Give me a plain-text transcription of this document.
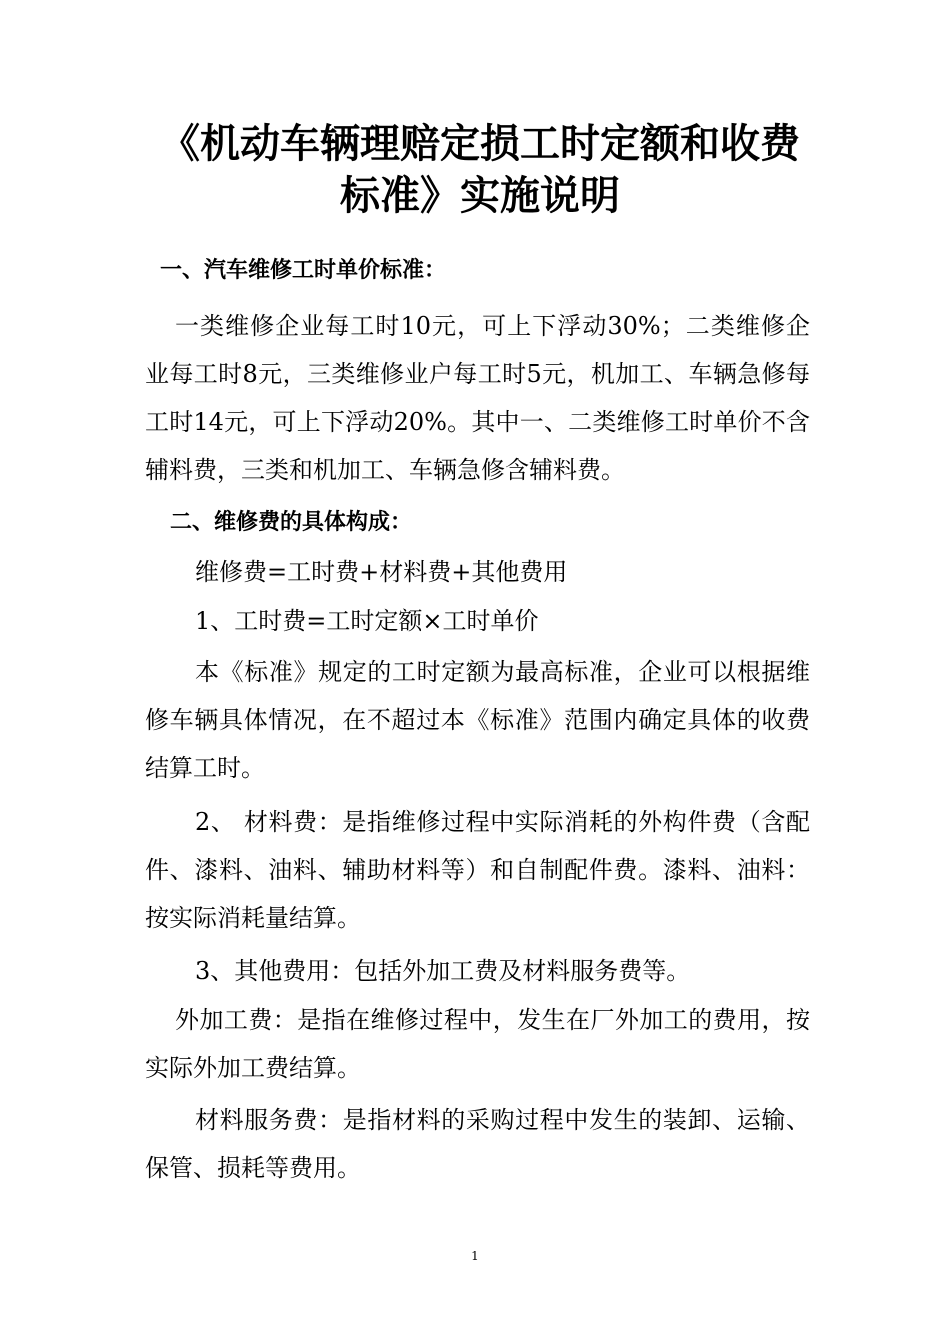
《机动车辆理赔定损工时定额和收费
标准》实施说明
一、汽车维修工时单价标准：

一类维修企业每工时10元，可上下浮动30%；二类维修企业每工时8元，三类维修业户每工时5元，机加工、车辆急修每工时14元，可上下浮动20%。其中一、二类维修工时单价不含辅料费，三类和机加工、车辆急修含辅料费。

二、维修费的具体构成：

维修费=工时费+材料费+其他费用

1、工时费=工时定额×工时单价

本《标准》规定的工时定额为最高标准，企业可以根据维修车辆具体情况，在不超过本《标准》范围内确定具体的收费结算工时。

2、 材料费：是指维修过程中实际消耗的外构件费（含配件、漆料、油料、辅助材料等）和自制配件费。漆料、油料：按实际消耗量结算。

3、其他费用：包括外加工费及材料服务费等。

外加工费：是指在维修过程中，发生在厂外加工的费用，按实际外加工费结算。

材料服务费：是指材料的采购过程中发生的装卸、运输、保管、损耗等费用。

1
